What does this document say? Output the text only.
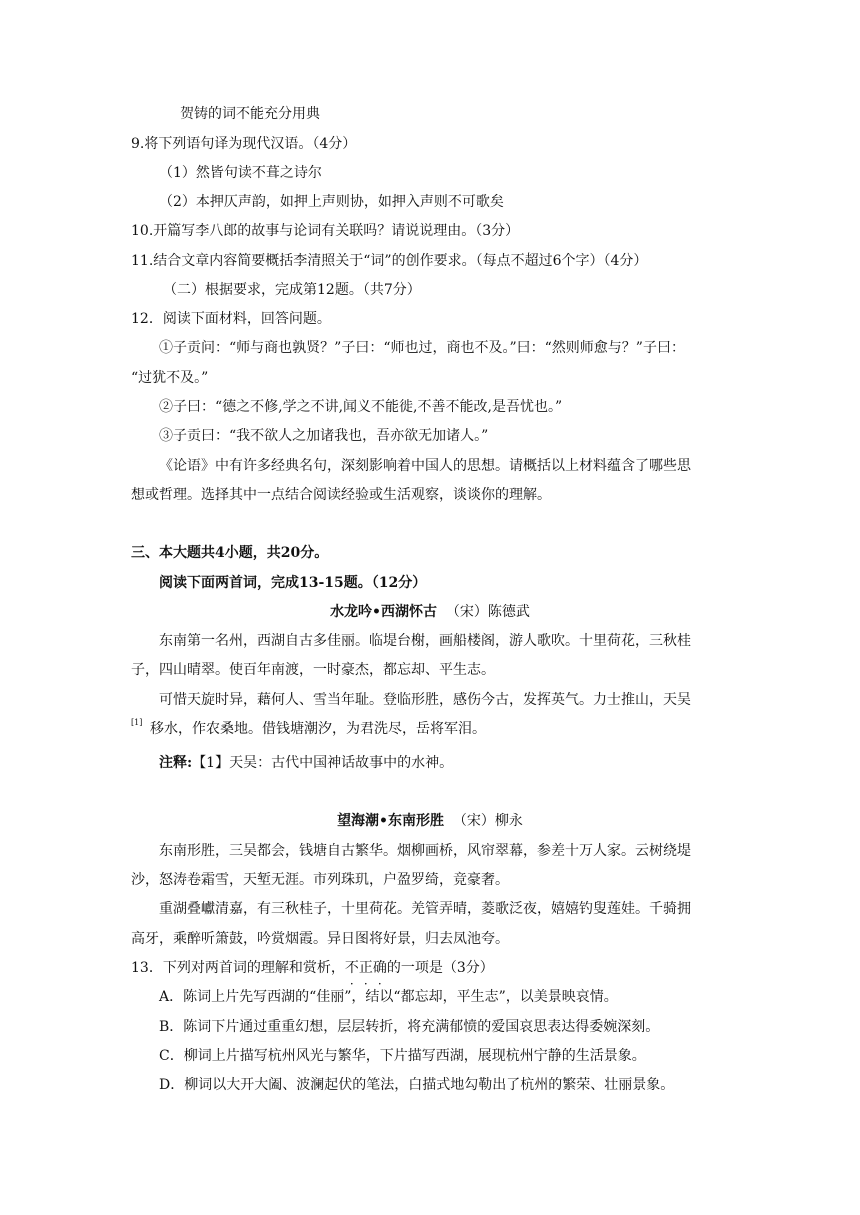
贺铸的词不能充分用典
9.将下列语句译为现代汉语。（4分）
（1）然皆句读不葺之诗尔
（2）本押仄声韵，如押上声则协，如押入声则不可歌矣
10.开篇写李八郎的故事与论词有关联吗？请说说理由。（3分）
11.结合文章内容简要概括李清照关于“词”的创作要求。（每点不超过6个字）（4分）
（二）根据要求，完成第12题。（共7分）
12．阅读下面材料，回答问题。
①子贡问：“师与商也孰贤？”子曰：“师也过，商也不及。”曰：“然则师愈与？”子曰：
“过犹不及。”
②子曰：“德之不修,学之不讲,闻义不能徙,不善不能改,是吾忧也。”
③子贡曰：“我不欲人之加诸我也，吾亦欲无加诸人。”
《论语》中有许多经典名句，深刻影响着中国人的思想。请概括以上材料蕴含了哪些思
想或哲理。选择其中一点结合阅读经验或生活观察，谈谈你的理解。
三、本大题共4小题，共20分。
阅读下面两首词，完成13-15题。（12分）
水龙吟•西湖怀古 （宋）陈德武
东南第一名州，西湖自古多佳丽。临堤台榭，画船楼阁，游人歌吹。十里荷花，三秋桂
子，四山晴翠。使百年南渡，一时豪杰，都忘却、平生志。
可惜天旋时异，藉何人、雪当年耻。登临形胜，感伤今古，发挥英气。力士推山，天吴
[1] 移水，作农桑地。借钱塘潮汐，为君洗尽，岳将军泪。
注释:【1】天吴：古代中国神话故事中的水神。
望海潮•东南形胜 （宋）柳永
东南形胜，三吴都会，钱塘自古繁华。烟柳画桥，风帘翠幕，参差十万人家。云树绕堤
沙，怒涛卷霜雪，天堑无涯。市列珠玑，户盈罗绮，竞豪奢。
重湖叠巘清嘉，有三秋桂子，十里荷花。羌管弄晴，菱歌泛夜，嬉嬉钓叟莲娃。千骑拥
高牙，乘醉听箫鼓，吟赏烟霞。异日图将好景，归去凤池夸。
13．下列对两首词的理解和赏析，不正确的一项是（3分）
A．陈词上片先写西湖的“佳丽”，结以“都忘却，平生志”，以美景映哀情。
B．陈词下片通过重重幻想，层层转折，将充满郁愤的爱国哀思表达得委婉深刻。
C．柳词上片描写杭州风光与繁华，下片描写西湖，展现杭州宁静的生活景象。
D．柳词以大开大阖、波澜起伏的笔法，白描式地勾勒出了杭州的繁荣、壮丽景象。
